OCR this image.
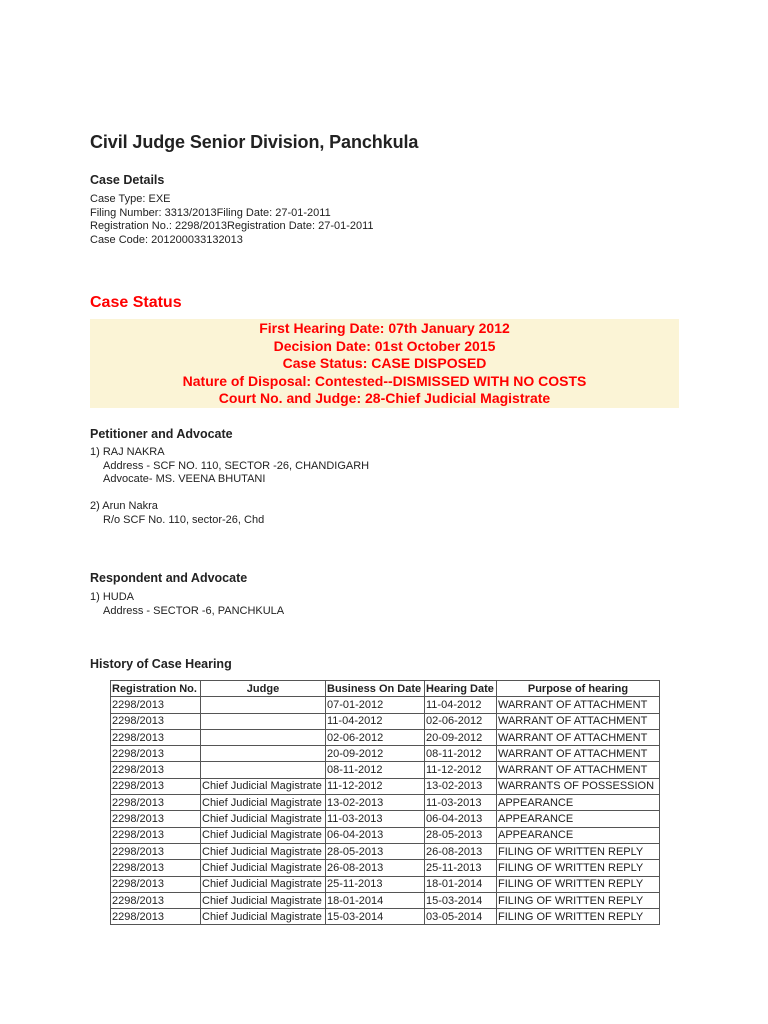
Civil Judge Senior Division, Panchkula
Case Details
Case Type: EXE
Filing Number: 3313/2013Filing Date: 27-01-2011
Registration No.: 2298/2013Registration Date: 27-01-2011
Case Code: 201200033132013
Case Status
First Hearing Date: 07th January 2012
Decision Date: 01st October 2015
Case Status: CASE DISPOSED
Nature of Disposal: Contested--DISMISSED WITH NO COSTS
Court No. and Judge: 28-Chief Judicial Magistrate
Petitioner and Advocate
1) RAJ NAKRA
Address - SCF NO. 110, SECTOR -26, CHANDIGARH
Advocate- MS. VEENA BHUTANI
2) Arun Nakra
R/o SCF No. 110, sector-26, Chd
Respondent and Advocate
1) HUDA
Address - SECTOR -6, PANCHKULA
History of Case Hearing
Registration No.	Judge	Business On Date	Hearing Date	Purpose of hearing
2298/2013		07-01-2012	11-04-2012	WARRANT OF ATTACHMENT
2298/2013		11-04-2012	02-06-2012	WARRANT OF ATTACHMENT
2298/2013		02-06-2012	20-09-2012	WARRANT OF ATTACHMENT
2298/2013		20-09-2012	08-11-2012	WARRANT OF ATTACHMENT
2298/2013		08-11-2012	11-12-2012	WARRANT OF ATTACHMENT
2298/2013	Chief Judicial Magistrate	11-12-2012	13-02-2013	WARRANTS OF POSSESSION
2298/2013	Chief Judicial Magistrate	13-02-2013	11-03-2013	APPEARANCE
2298/2013	Chief Judicial Magistrate	11-03-2013	06-04-2013	APPEARANCE
2298/2013	Chief Judicial Magistrate	06-04-2013	28-05-2013	APPEARANCE
2298/2013	Chief Judicial Magistrate	28-05-2013	26-08-2013	FILING OF WRITTEN REPLY
2298/2013	Chief Judicial Magistrate	26-08-2013	25-11-2013	FILING OF WRITTEN REPLY
2298/2013	Chief Judicial Magistrate	25-11-2013	18-01-2014	FILING OF WRITTEN REPLY
2298/2013	Chief Judicial Magistrate	18-01-2014	15-03-2014	FILING OF WRITTEN REPLY
2298/2013	Chief Judicial Magistrate	15-03-2014	03-05-2014	FILING OF WRITTEN REPLY
